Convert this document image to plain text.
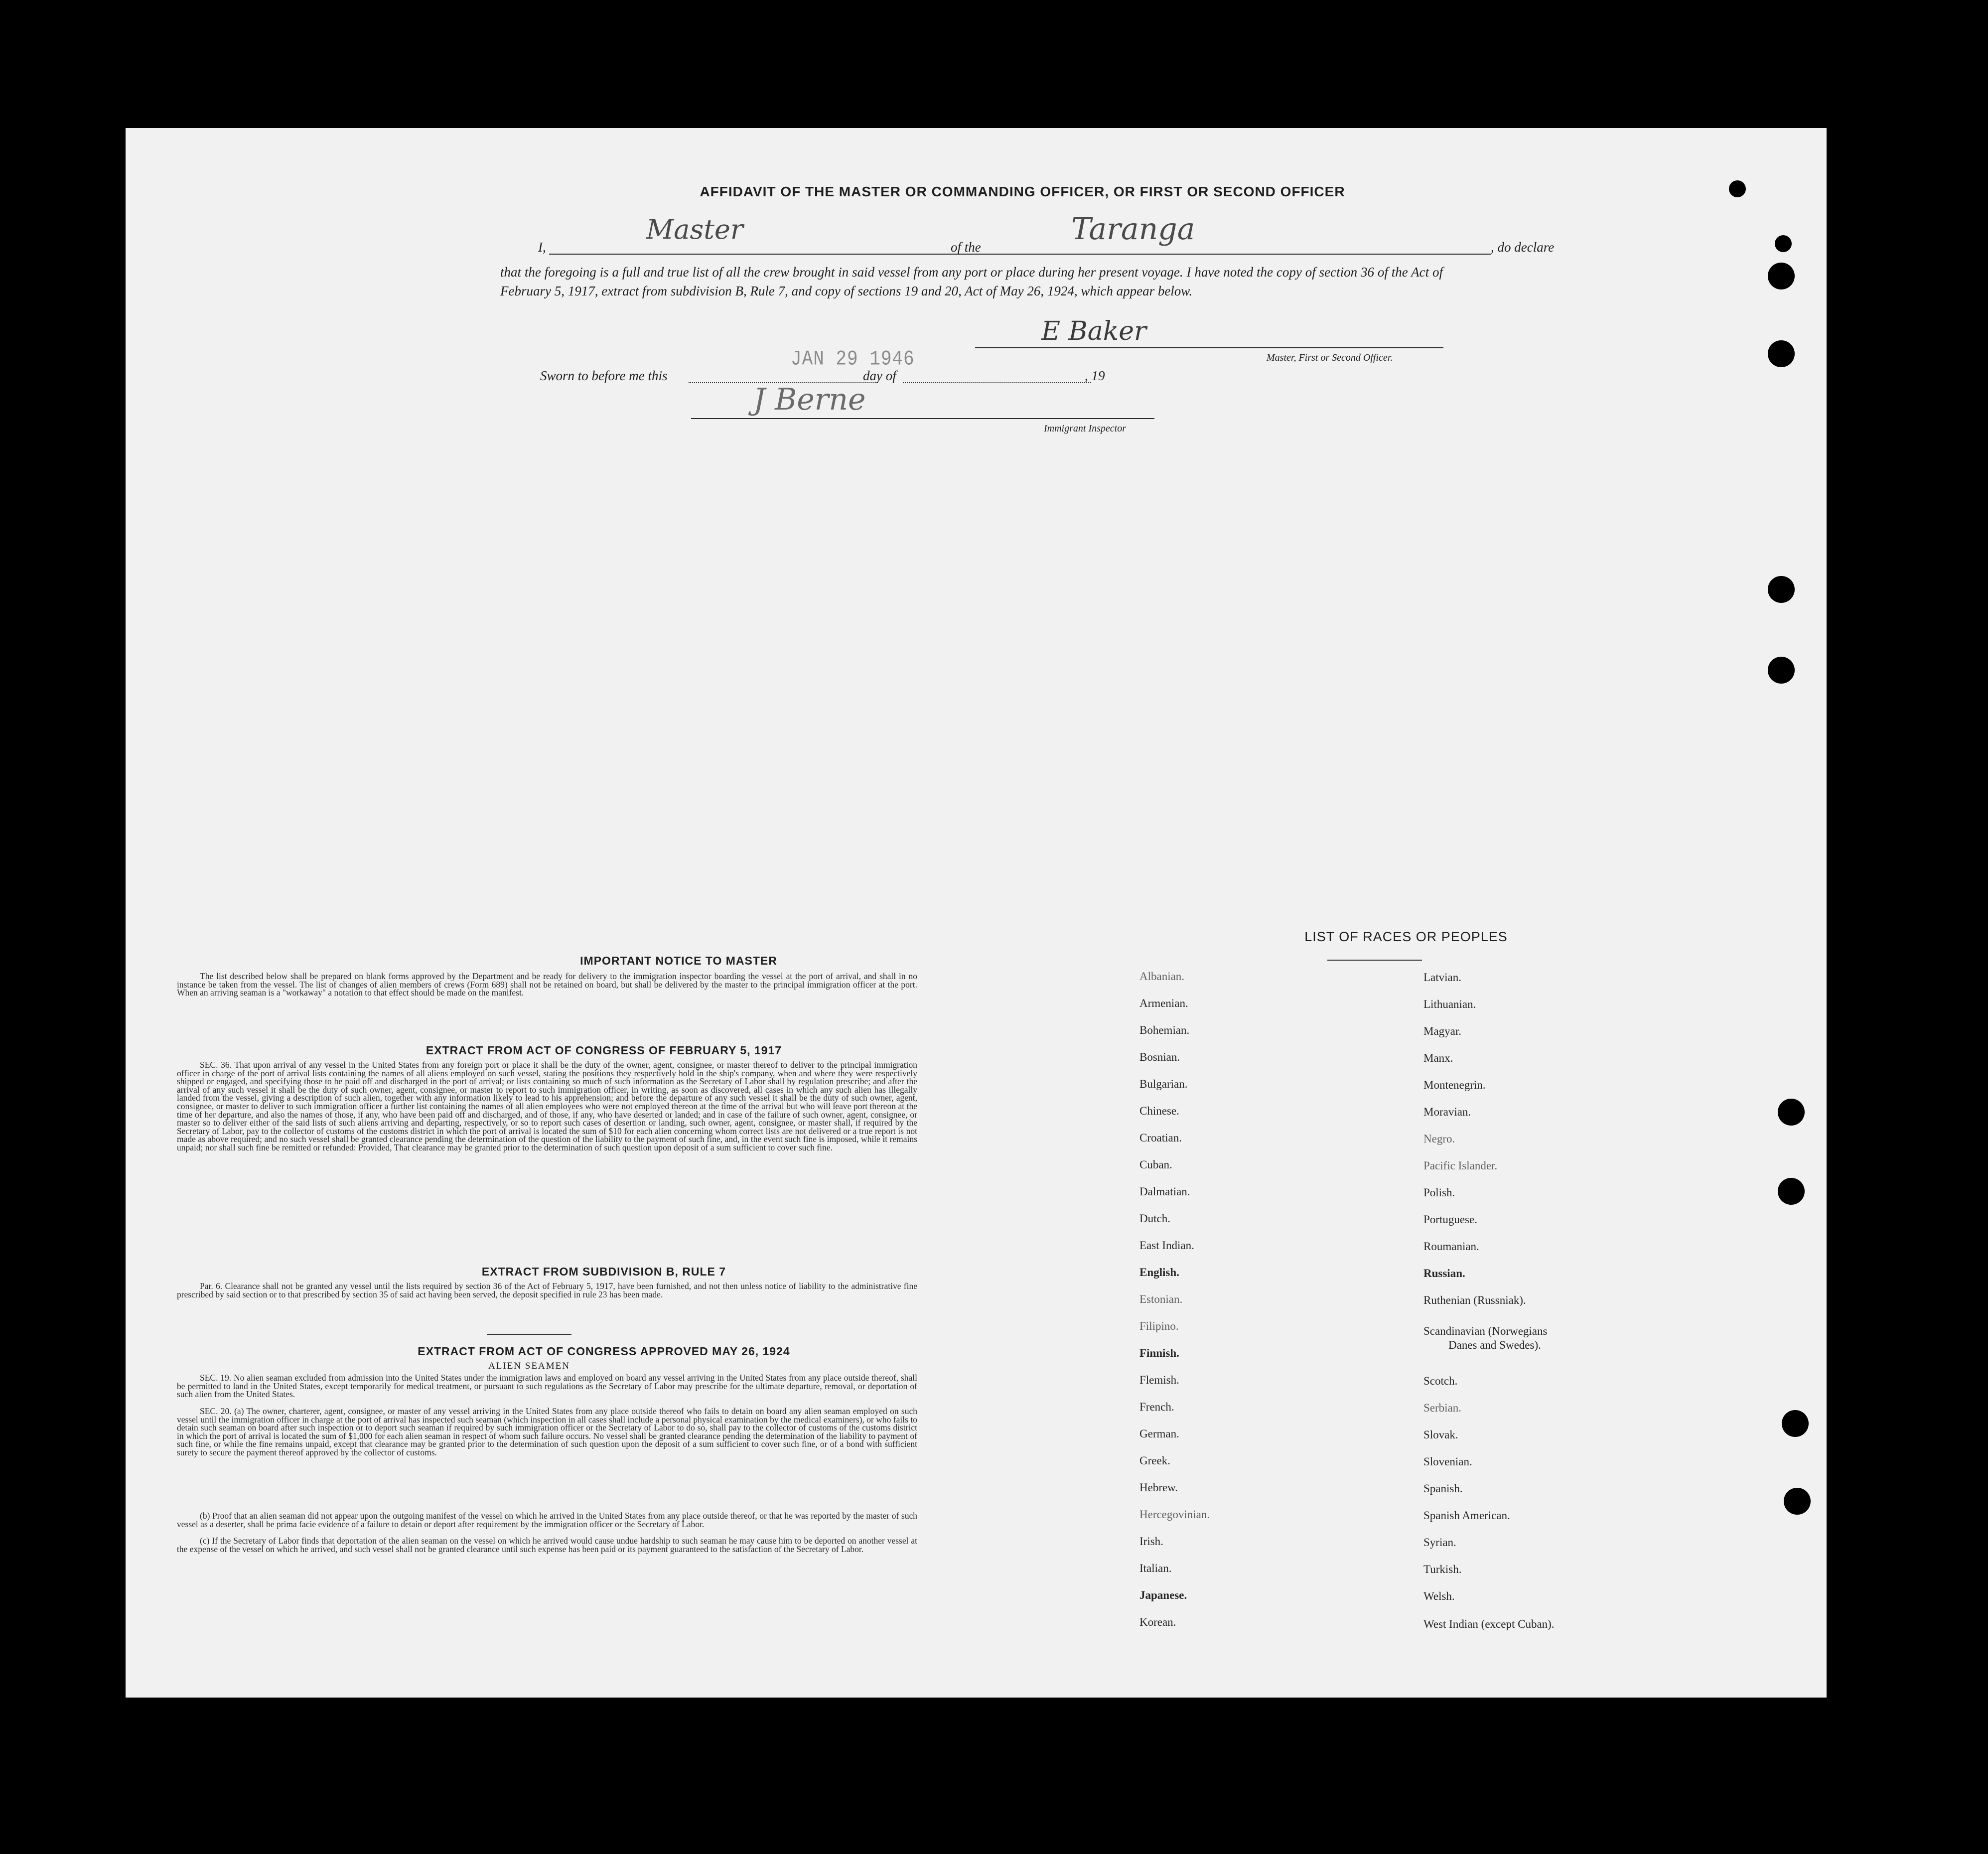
AFFIDAVIT OF THE MASTER OR COMMANDING OFFICER, OR FIRST OR SECOND OFFICER
I,
Master
of the
Taranga
, do declare
that the foregoing is a full and true list of all the crew brought in said vessel from any port or place during her present voyage. I have noted the copy of section 36 of the Act of February 5, 1917, extract from subdivision B, Rule 7, and copy of sections 19 and 20, Act of May 26, 1924, which appear below.
E Baker
Master, First or Second Officer.
Sworn to before me this	day of	, 19
JAN 29 1946
J Berne
Immigrant Inspector
IMPORTANT NOTICE TO MASTER
The list described below shall be prepared on blank forms approved by the Department and be ready for delivery to the immigration inspector boarding the vessel at the port of arrival, and shall in no instance be taken from the vessel. The list of changes of alien members of crews (Form 689) shall not be retained on board, but shall be delivered by the master to the principal immigration officer at the port. When an arriving seaman is a "workaway" a notation to that effect should be made on the manifest.
EXTRACT FROM ACT OF CONGRESS OF FEBRUARY 5, 1917
SEC. 36. That upon arrival of any vessel in the United States from any foreign port or place it shall be the duty of the owner, agent, consignee, or master thereof to deliver to the principal immigration officer in charge of the port of arrival lists containing the names of all aliens employed on such vessel, stating the positions they respectively hold in the ship's company, when and where they were respectively shipped or engaged, and specifying those to be paid off and discharged in the port of arrival; or lists containing so much of such information as the Secretary of Labor shall by regulation prescribe; and after the arrival of any such vessel it shall be the duty of such owner, agent, consignee, or master to report to such immigration officer, in writing, as soon as discovered, all cases in which any such alien has illegally landed from the vessel, giving a description of such alien, together with any information likely to lead to his apprehension; and before the departure of any such vessel it shall be the duty of such owner, agent, consignee, or master to deliver to such immigration officer a further list containing the names of all alien employees who were not employed thereon at the time of the arrival but who will leave port thereon at the time of her departure, and also the names of those, if any, who have been paid off and discharged, and of those, if any, who have deserted or landed; and in case of the failure of such owner, agent, consignee, or master so to deliver either of the said lists of such aliens arriving and departing, respectively, or so to report such cases of desertion or landing, such owner, agent, consignee, or master shall, if required by the Secretary of Labor, pay to the collector of customs of the customs district in which the port of arrival is located the sum of $10 for each alien concerning whom correct lists are not delivered or a true report is not made as above required; and no such vessel shall be granted clearance pending the determination of the question of the liability to the payment of such fine, and, in the event such fine is imposed, while it remains unpaid; nor shall such fine be remitted or refunded: Provided, That clearance may be granted prior to the determination of such question upon deposit of a sum sufficient to cover such fine.
EXTRACT FROM SUBDIVISION B, RULE 7
Par. 6. Clearance shall not be granted any vessel until the lists required by section 36 of the Act of February 5, 1917, have been furnished, and not then unless notice of liability to the administrative fine prescribed by said section or to that prescribed by section 35 of said act having been served, the deposit specified in rule 23 has been made.
EXTRACT FROM ACT OF CONGRESS APPROVED MAY 26, 1924
ALIEN SEAMEN
SEC. 19. No alien seaman excluded from admission into the United States under the immigration laws and employed on board any vessel arriving in the United States from any place outside thereof, shall be permitted to land in the United States, except temporarily for medical treatment, or pursuant to such regulations as the Secretary of Labor may prescribe for the ultimate departure, removal, or deportation of such alien from the United States.
SEC. 20. (a) The owner, charterer, agent, consignee, or master of any vessel arriving in the United States from any place outside thereof who fails to detain on board any alien seaman employed on such vessel until the immigration officer in charge at the port of arrival has inspected such seaman (which inspection in all cases shall include a personal physical examination by the medical examiners), or who fails to detain such seaman on board after such inspection or to deport such seaman if required by such immigration officer or the Secretary of Labor to do so, shall pay to the collector of customs of the customs district in which the port of arrival is located the sum of $1,000 for each alien seaman in respect of whom such failure occurs. No vessel shall be granted clearance pending the determination of the liability to payment of such fine, or while the fine remains unpaid, except that clearance may be granted prior to the determination of such question upon the deposit of a sum sufficient to cover such fine, or of a bond with sufficient surety to secure the payment thereof approved by the collector of customs.
(b) Proof that an alien seaman did not appear upon the outgoing manifest of the vessel on which he arrived in the United States from any place outside thereof, or that he was reported by the master of such vessel as a deserter, shall be prima facie evidence of a failure to detain or deport after requirement by the immigration officer or the Secretary of Labor.
(c) If the Secretary of Labor finds that deportation of the alien seaman on the vessel on which he arrived would cause undue hardship to such seaman he may cause him to be deported on another vessel at the expense of the vessel on which he arrived, and such vessel shall not be granted clearance until such expense has been paid or its payment guaranteed to the satisfaction of the Secretary of Labor.
LIST OF RACES OR PEOPLES
Albanian.
Armenian.
Bohemian.
Bosnian.
Bulgarian.
Chinese.
Croatian.
Cuban.
Dalmatian.
Dutch.
East Indian.
English.
Estonian.
Filipino.
Finnish.
Flemish.
French.
German.
Greek.
Hebrew.
Hercegovinian.
Irish.
Italian.
Japanese.
Korean.
Latvian.
Lithuanian.
Magyar.
Manx.
Montenegrin.
Moravian.
Negro.
Pacific Islander.
Polish.
Portuguese.
Roumanian.
Russian.
Ruthenian (Russniak).
Scandinavian (Norwegians
Danes and Swedes).
Scotch.
Serbian.
Slovak.
Slovenian.
Spanish.
Spanish American.
Syrian.
Turkish.
Welsh.
West Indian (except Cuban).
